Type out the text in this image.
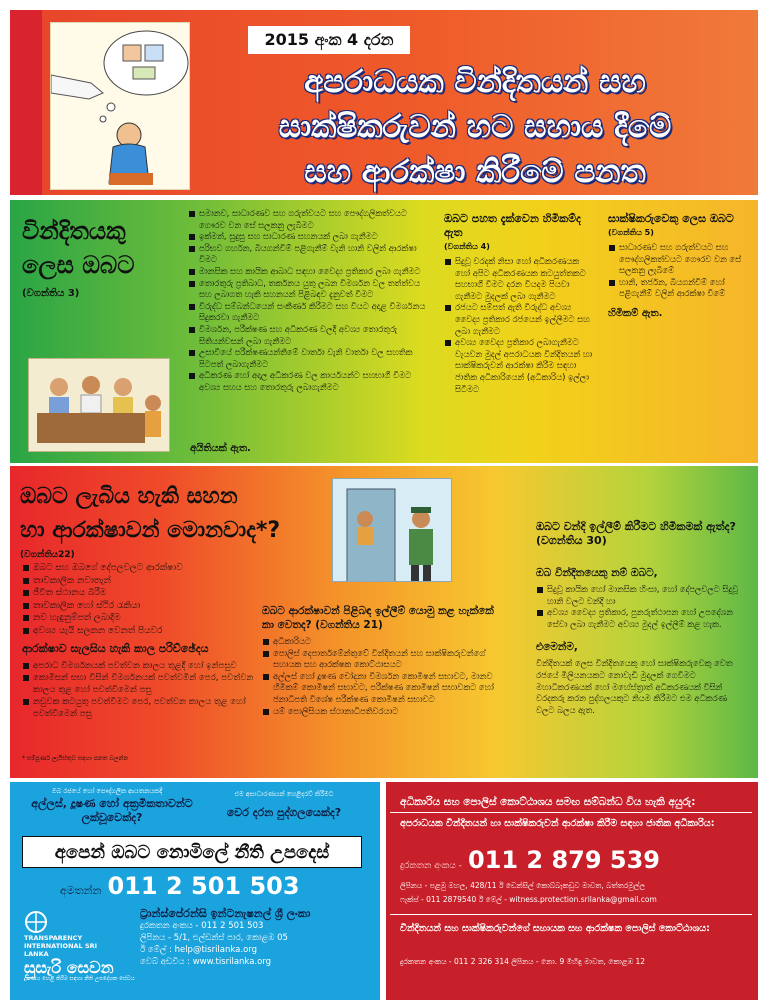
2015 අංක 4 දරන
අපරාධයක වින්දිතයන් සහ
සාක්ෂිකරුවන් හට සහාය දීමේ
සහ ආරක්ෂා කිරීමේ පනත
වින්දිතයකු
ලෙස ඔබට
(වගන්තිය 3)
සමානව, සාධාරණව සහ ගරුත්වයට සහ පෞද්ගලිකත්වයට ගෞරව වන සේ සලකනු ලැබීමට
ඉක්මන්, සුදුසු සහ සාධාරණ සහනයක් ලබා ගැනීමට
පරිභව ගර්හන, බියගන්වීම් පළිගැනීම් වැනි හානි වලින් ආරක්ෂා වීමට
මානසික සහ කායික ආබාධ සඳහා වෛද්‍ය ප්‍රතිකාර ලබා ගැනීමට
තොරතුරු ප්‍රතිබාධ, තර්කනය යුතු ලබන විමර්ශන වල තත්ත්වය සහ ලබාගත හැකි සහනයන් පිළිබඳව දැනුවත් වීමට
විරුද්ධ සම්බන්ධයෙන් සංකීර්ණ කිරීමට සහ වියට අදාළ විමර්ශනය සිදුකරවා ගැනීමට
විමර්ශන, පරීක්ෂණ සහ අධිකරණ වලදී අවශ්‍ය තොරතුරු සිතියන්වසන් ලබා ගැනීමට
උසාවියේ පරීක්ෂණයන්තීමේ වාර්තා වැනි වාර්තා වල සහතික පිටපත් ලබාගැනීමට
අධිකරණ හෝ අදාල අධිකරණ වල කාර්යයන්ට සහභාගී වීමට අවශ්‍ය සහය සහ තොරතුරු ලබාගැනීමට
අයිතියක් ඇත.
ඔබට පහත දැක්වෙන හිමිකම්ද ඇත
(වගන්තිය 4)
සිදුවූ වරදක් නිසා හෝ අධිකරණයක හෝ අපිට අධිකරණයක කටයුත්තකට සහභාගී වීමට දරන වියදම පියවා ගැනීමට මුදලක් ලබා ගැනීමට
රජයට සම්පත් ඇති විරුද්ධ අවශ්‍ය වෛද්‍ය ප්‍රතිකාර රජයෙන් ඉල්ලීමට සහ ලබා ගැනීමට
අවශ්‍ය වෛද්‍ය ප්‍රතිකාර ලබාගැනීමට වැයවන මුදල් අපරාධයක වින්දිතයන් හා සාක්ෂිකරුවන් ආරක්ෂා කිරීම සඳහා ජාතික අධිකාරියෙන් (අධිකාරිය) ඉල්ලා සිටීමට
සාක්ෂිකරුවෙකු ලෙස ඔබට
(වගන්තිය 5)
සාධාරණව සහ ගරුත්වයට සහ පෞද්ගලිකත්වයට ගෞරව වන සේ සලකනු ලැබීමේ
හානි, තර්ජන, බියගන්වීම් හෝ පළිගැනීම් වලින් ආරක්ෂා වීමේ
හිමිකම් ඇත.
ඔබට ලැබිය හැකි සහන
හා ආරක්ෂාවන් මොනවාද*?
(වගන්තිය22)
ඔබට සහ ඔබගේ දේපලවලට ආරක්ෂාව
තාවකාලික නවාතැන්
ජීවිත ස්ථානය බිරීම
තාවකාලික හෝ ස්ථිර රැකියා
නව හැඳුනුම්පත් ලබාදීම
අවශ්‍ය යැයි සලකන වෙනත් පියවර
ආරක්ෂාව සැලසිය හැකි කාල පරිච්ඡේදය
අපරාධ විමර්ශනයක් පවත්වන කාලය තුළදී හෝ ඉන්පසුව
කොමිසන් සභා විසින් විමර්ශනයක් පවත්වමින් පෙර, පවත්වන කාලය තුළ හෝ පවත්වීමෙන් පසු
නඩුවක කටයුතු පවත්වීමට පෙර, පවත්වන කාලය තුළ හෝ පවත්වීමෙන් පසු
* සම්පූර්ණ ලැයිස්තුව සඳහා පනත බලන්න
ඔබට ආරක්ෂාවන් පිළිබඳ ඉල්ලීම් යොමු කළ හැක්කේ කා වෙතද? (වගන්තිය 21)
අධිකාරියට
පොලිස් දෙපාර්තමේන්තුවේ වින්දිතයන් සහ සාක්ෂිකරුවන්ගේ සහායක සහ ආරක්ෂක කොට්ඨාසයට
අල්ලස් හෝ දූෂණ චෝදනා විමර්ශන කොමිෂන් සභාවට, මානව හිමිකම් කොමිෂන් සභාවට, පරීක්ෂණ කොමිෂන් සභාවකට හෝ ජනාධිපති විශේෂ පරීක්ෂණ කොමිෂන් සභාවට
යම් පොලිසියක ස්ථානාධිපතිවරයාට
ඔබට වන්දි ඉල්ලීම් කිරීමට හිමිකමක් ඇත්ද? (වගන්තිය 30)
ඔබ වින්දිතයෙකු නම් ඔබට,
සිදුවූ කායික හෝ මානසික හිංසා, හෝ දේපලවලට සිදුවූ හානි වලට වන්දි හා
අවශ්‍ය වෛද්‍ය ප්‍රතිකාර, පුනරුත්ථාපන හෝ උපදේශන සේවා ලබා ගැනීමට අවශ්‍ය මුදල් ඉල්ලීම් කළ හැක.
එමෙන්ම,
වින්දිතයක් ලෙස වින්දිතයෙකු හෝ සාක්ෂිකරුවෙකු වෙත රජයේ මිලියනයකට නොවැඩි මුදලක් ගෙවීමට මහාධිකරණයක් හෝ මහේස්ත්‍රාත් අධිකරණයක් විසින් වරදකරු කරන පුද්ගලයකුට නියම කිරීමට එම අධිකරණ වලට බලය ඇත.
ඔබ රජයේ හෝ පෞද්ගලික ආයතනයකදී
අල්ලස්, දූෂණ හෝ අක්‍රමිකතාවන්ට ලක්වූවෙක්ද?
එම අසාධාරණයන් හෙළිදරව් කිරීමට
වෙර දරන පුද්ගලයෙක්ද?
අපෙන් ඔබට නොමිලේ නීති උපදෙස්
අමතන්න 011 2 501 503
TRANSPARENCY INTERNATIONAL SRI LANKA
සුසැරි සෙවන
දූෂණය හෙළි කිරීම සඳහා නීති උපදේශක සේවය
ට්‍රාන්ස්පේරන්සි ඉන්ටනැෂනල් ශ්‍රී ලංකා
දුරකතන අංකය - 011 2 501 503
ලිපිනය - 5/1, එල්ඩන්ස් පාර, කොළඹ 05
ඊ මේල් : help@tisrilanka.org
වෙබ් අඩවිය : www.tisrilanka.org
අධිකාරිය සහ පොලිස් කොට්ඨාශය සමඟ සම්බන්ධ විය හැකි අයුරු:
අපරාධයක වින්දිතයන් හා සාක්ෂිකරුවන් ආරක්ෂා කිරීම සඳහා ජාතික අධිකාරිය:
දුරකතන අංකය - 011 2 879 539
ලිපිනය - පළමු මහල, 428/11 ඊ ඩෙන්සිල් කොබ්බෑකඩුව මාවත, බත්තරමුල්ල
ෆැක්ස් - 011 2879540 ඊ මේල් - witness.protection.srilanka@gmail.com
වින්දිතයන් සහ සාක්ෂිකරුවන්ගේ සහායක සහ ආරක්ෂක පොලිස් කොට්ඨාශය:
දුරකතන අංකය - 011 2 326 314 ලිපිනය - නො. 9 මිහිඳු මාවත, කොළඹ 12
